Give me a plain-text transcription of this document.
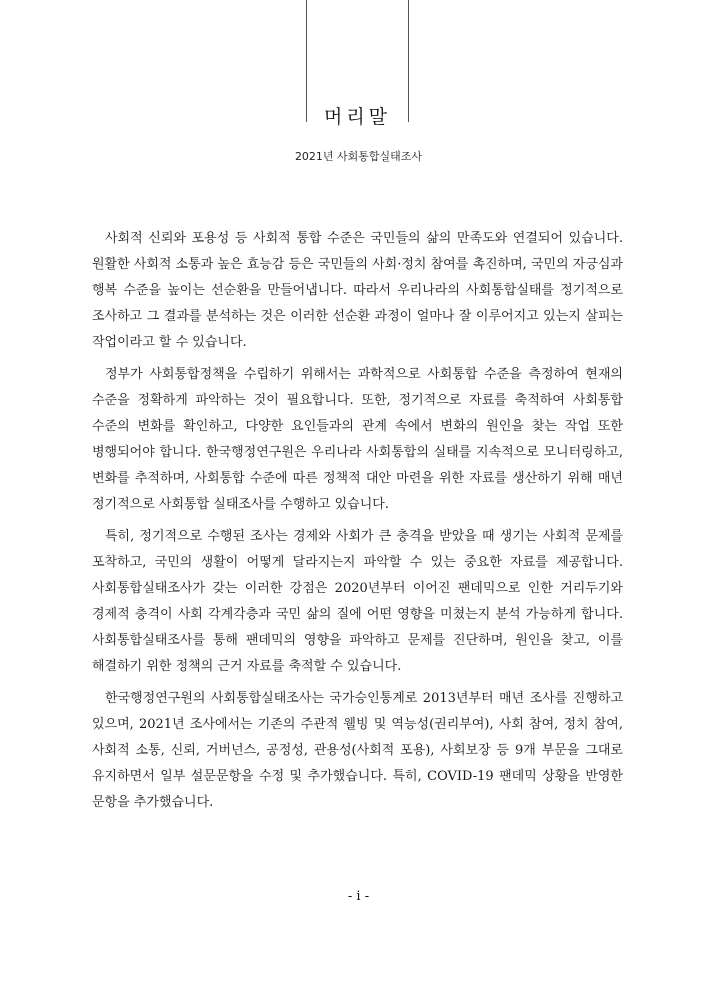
머리말
2021년 사회통합실태조사

사회적 신뢰와 포용성 등 사회적 통합 수준은 국민들의 삶의 만족도와 연결되어 있습니다. 원활한 사회적 소통과 높은 효능감 등은 국민들의 사회·정치 참여를 촉진하며, 국민의 자긍심과 행복 수준을 높이는 선순환을 만들어냅니다. 따라서 우리나라의 사회통합실태를 정기적으로 조사하고 그 결과를 분석하는 것은 이러한 선순환 과정이 얼마나 잘 이루어지고 있는지 살피는 작업이라고 할 수 있습니다.

정부가 사회통합정책을 수립하기 위해서는 과학적으로 사회통합 수준을 측정하여 현재의 수준을 정확하게 파악하는 것이 필요합니다. 또한, 정기적으로 자료를 축적하여 사회통합 수준의 변화를 확인하고, 다양한 요인들과의 관계 속에서 변화의 원인을 찾는 작업 또한 병행되어야 합니다. 한국행정연구원은 우리나라 사회통합의 실태를 지속적으로 모니터링하고, 변화를 추적하며, 사회통합 수준에 따른 정책적 대안 마련을 위한 자료를 생산하기 위해 매년 정기적으로 사회통합 실태조사를 수행하고 있습니다.

특히, 정기적으로 수행된 조사는 경제와 사회가 큰 충격을 받았을 때 생기는 사회적 문제를 포착하고, 국민의 생활이 어떻게 달라지는지 파악할 수 있는 중요한 자료를 제공합니다. 사회통합실태조사가 갖는 이러한 강점은 2020년부터 이어진 팬데믹으로 인한 거리두기와 경제적 충격이 사회 각계각층과 국민 삶의 질에 어떤 영향을 미쳤는지 분석 가능하게 합니다. 사회통합실태조사를 통해 팬데믹의 영향을 파악하고 문제를 진단하며, 원인을 찾고, 이를 해결하기 위한 정책의 근거 자료를 축적할 수 있습니다.

한국행정연구원의 사회통합실태조사는 국가승인통계로 2013년부터 매년 조사를 진행하고 있으며, 2021년 조사에서는 기존의 주관적 웰빙 및 역능성(권리부여), 사회 참여, 정치 참여, 사회적 소통, 신뢰, 거버넌스, 공정성, 관용성(사회적 포용), 사회보장 등 9개 부문을 그대로 유지하면서 일부 설문문항을 수정 및 추가했습니다. 특히, COVID-19 팬데믹 상황을 반영한 문항을 추가했습니다.

- i -
